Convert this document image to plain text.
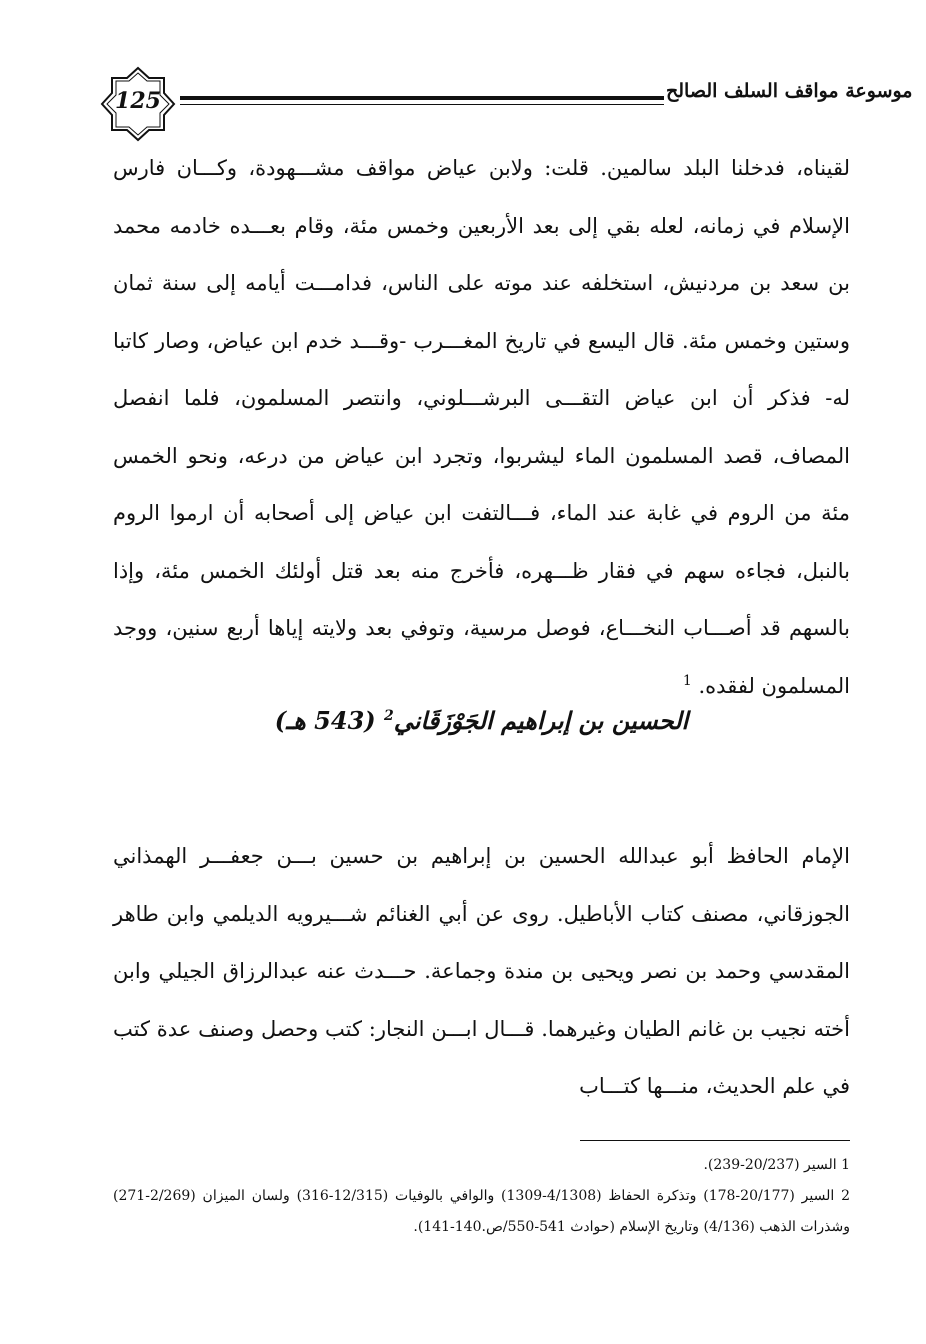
125	موسوعة مواقف السلف الصالح

لقيناه، فدخلنا البلد سالمين. قلت: ولابن عياض مواقف مشـــهودة، وكـــان فارس الإسلام في زمانه، لعله بقي إلى بعد الأربعين وخمس مئة، وقام بعـــده خادمه محمد بن سعد بن مردنيش، استخلفه عند موته على الناس، فدامـــت أيامه إلى سنة ثمان وستين وخمس مئة. قال اليسع في تاريخ المغـــرب -وقـــد خدم ابن عياض، وصار كاتبا له- فذكر أن ابن عياض التقـــى البرشـــلوني، وانتصر المسلمون، فلما انفصل المصاف، قصد المسلمون الماء ليشربوا، وتجرد ابن عياض من درعه، ونحو الخمس مئة من الروم في غابة عند الماء، فـــالتفت ابن عياض إلى أصحابه أن ارموا الروم بالنبل، فجاءه سهم في فقار ظـــهره، فأخرج منه بعد قتل أولئك الخمس مئة، وإذا بالسهم قد أصـــاب النخـــاع، فوصل مرسية، وتوفي بعد ولايته إياها أربع سنين، ووجد المسلمون لفقده. $^1$

الحسين بن إبراهيم الجَوْزَقَاني$^2$ (543 هـ)

الإمام الحافظ أبو عبدالله الحسين بن إبراهيم بن حسين بـــن جعفـــر الهمذاني الجوزقاني، مصنف كتاب الأباطيل. روى عن أبي الغنائم شـــيرويه الديلمي وابن طاهر المقدسي وحمد بن نصر ويحيى بن مندة وجماعة. حـــدث عنه عبدالرزاق الجيلي وابن أخته نجيب بن غانم الطيان وغيرهما. قـــال ابـــن النجار: كتب وحصل وصنف عدة كتب في علم الحديث، منـــها كتـــاب

1 السير (20/237-239).

2 السير (20/177-178) وتذكرة الحفاظ (4/1308-1309) والوافي بالوفيات (12/315-316) ولسان الميزان (2/269-271) وشذرات الذهب (4/136) وتاريخ الإسلام (حوادث 541-550/ص.140-141).
